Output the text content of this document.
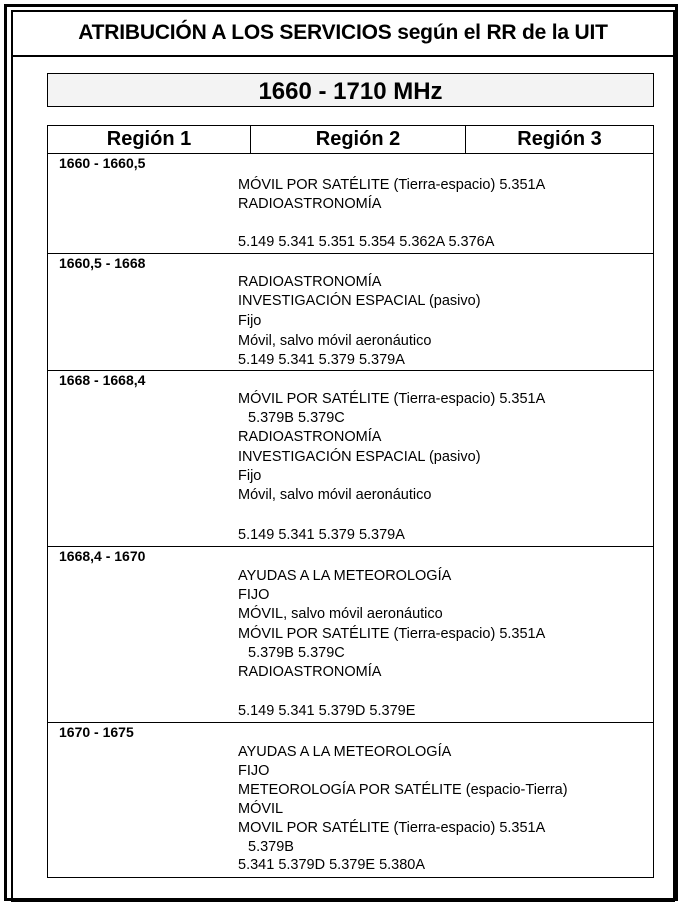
ATRIBUCIÓN A LOS SERVICIOS según el RR de la UIT
1660 - 1710 MHz
Región 1	Región 2	Región 3
1660 - 1660,5
MÓVIL POR SATÉLITE (Tierra-espacio) 5.351A
RADIOASTRONOMÍA
5.149 5.341 5.351 5.354 5.362A 5.376A
1660,5 - 1668
RADIOASTRONOMÍA
INVESTIGACIÓN ESPACIAL (pasivo)
Fijo
Móvil, salvo móvil aeronáutico
5.149 5.341 5.379 5.379A
1668 - 1668,4
MÓVIL POR SATÉLITE (Tierra-espacio) 5.351A
5.379B 5.379C
RADIOASTRONOMÍA
INVESTIGACIÓN ESPACIAL (pasivo)
Fijo
Móvil, salvo móvil aeronáutico
5.149 5.341 5.379 5.379A
1668,4 - 1670
AYUDAS A LA METEOROLOGÍA
FIJO
MÓVIL, salvo móvil aeronáutico
MÓVIL POR SATÉLITE (Tierra-espacio) 5.351A
5.379B 5.379C
RADIOASTRONOMÍA
5.149 5.341 5.379D 5.379E
1670 - 1675
AYUDAS A LA METEOROLOGÍA
FIJO
METEOROLOGÍA POR SATÉLITE (espacio-Tierra)
MÓVIL
MOVIL POR SATÉLITE (Tierra-espacio) 5.351A
5.379B
5.341 5.379D 5.379E 5.380A
